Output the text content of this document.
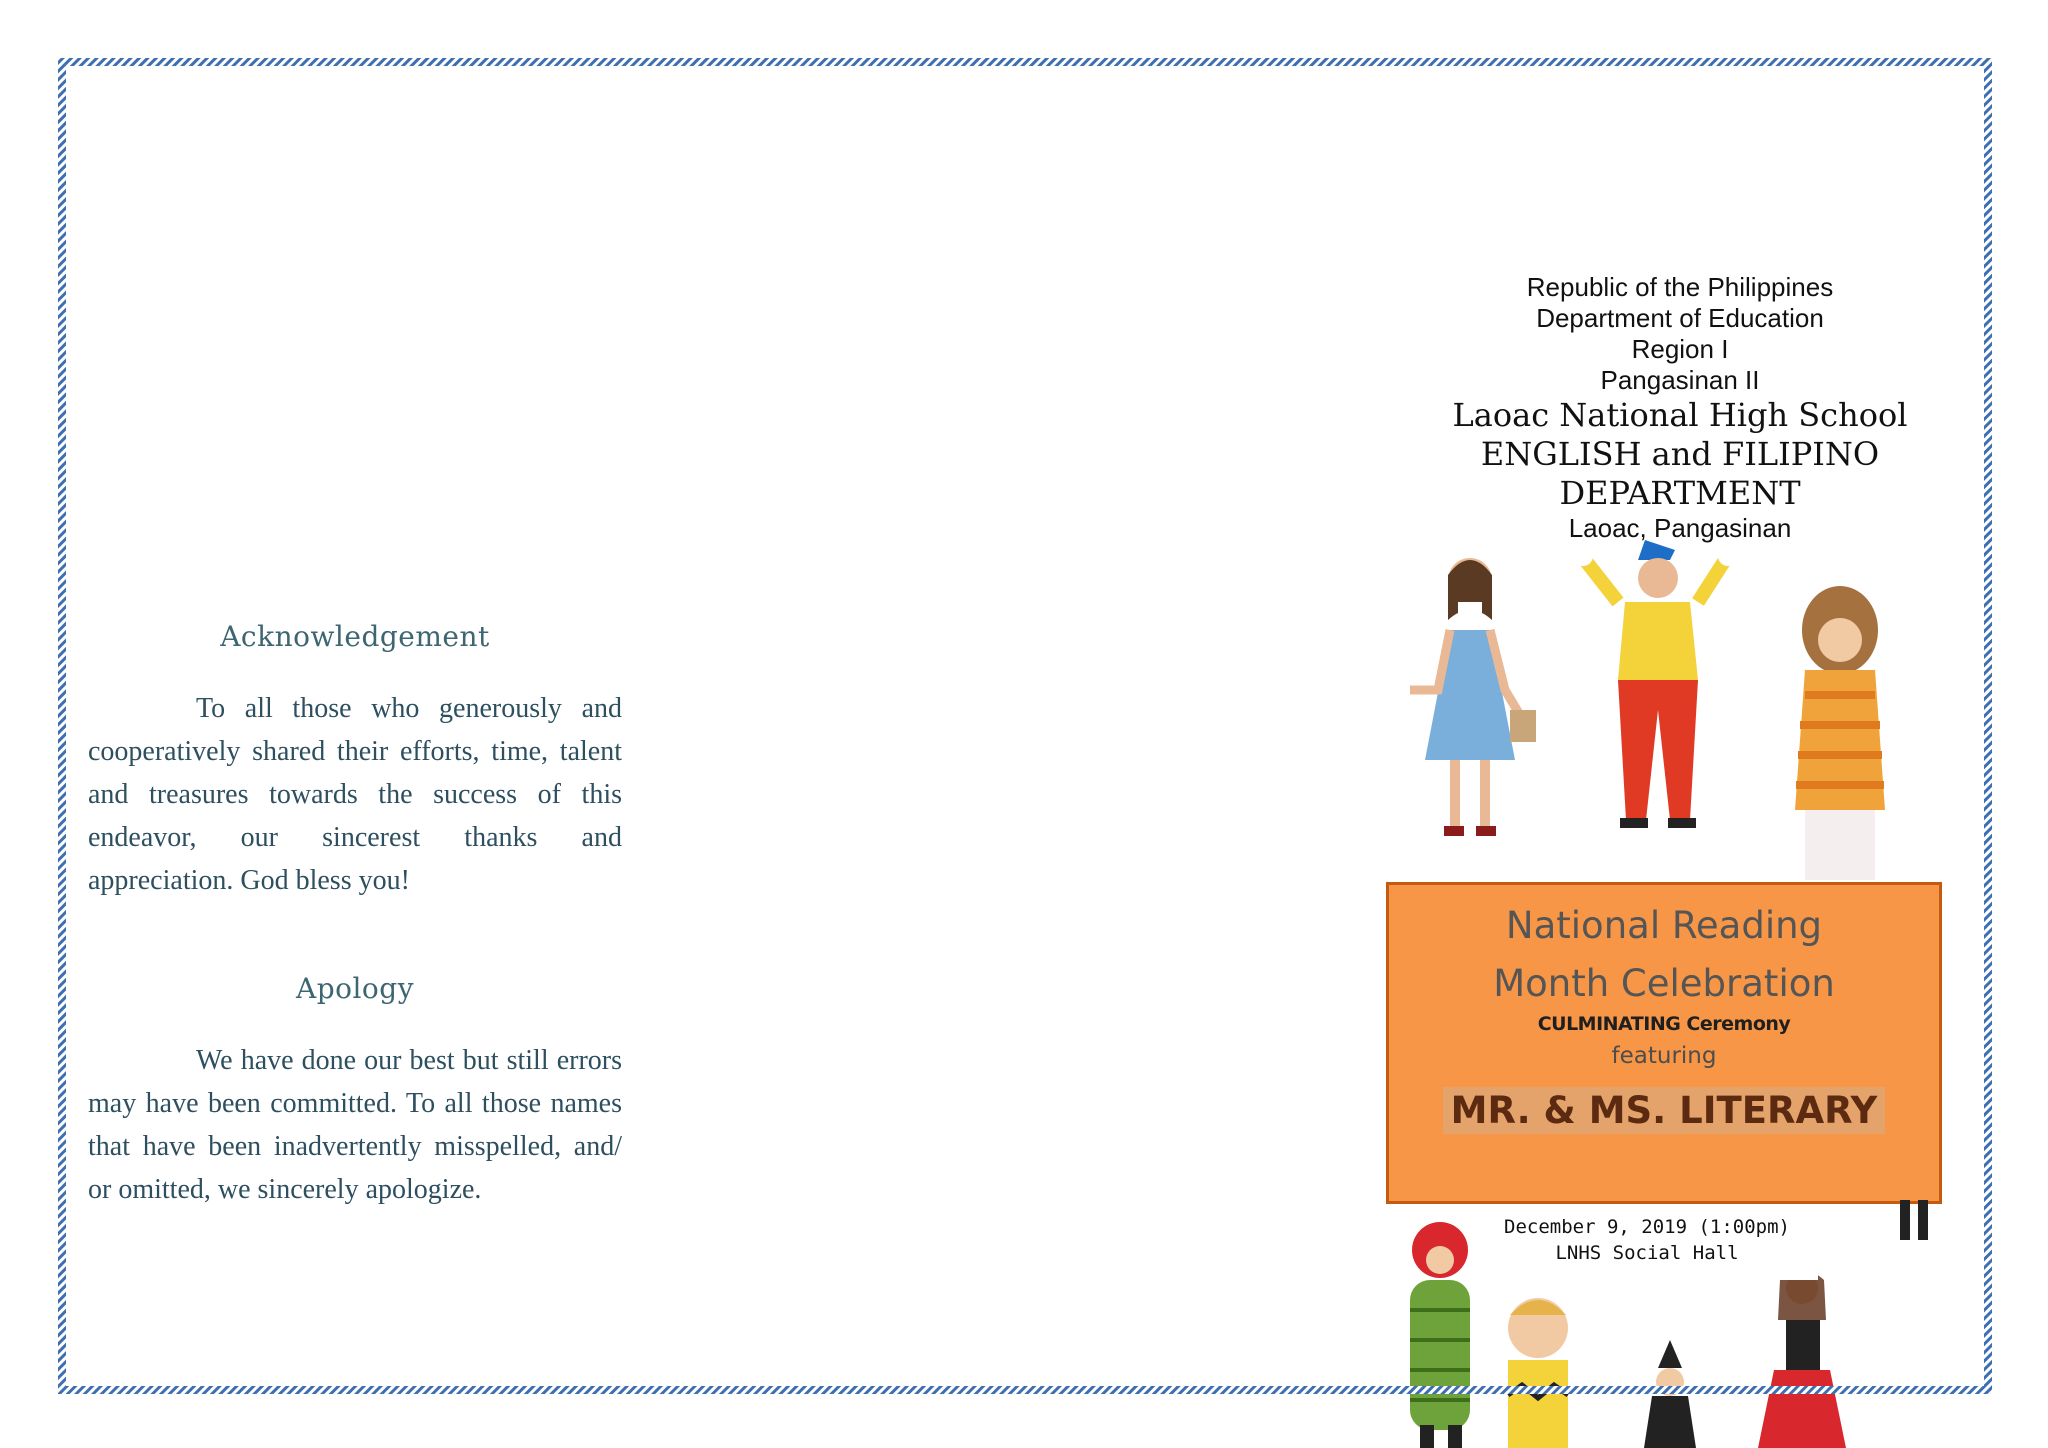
Acknowledgement

To all those who generously and cooperatively shared their efforts, time, talent and treasures towards the success of this endeavor, our sincerest thanks and appreciation. God bless you!

Apology

We have done our best but still errors may have been committed. To all those names that have been inadvertently misspelled, and/ or omitted, we sincerely apologize.

Republic of the Philippines

Department of Education

Region I

Pangasinan II

Laoac National High School

ENGLISH and FILIPINO

DEPARTMENT

Laoac, Pangasinan

National Reading

Month Celebration

CULMINATING Ceremony

featuring

MR. & MS. LITERARY

December 9, 2019 (1:00pm)

LNHS Social Hall
